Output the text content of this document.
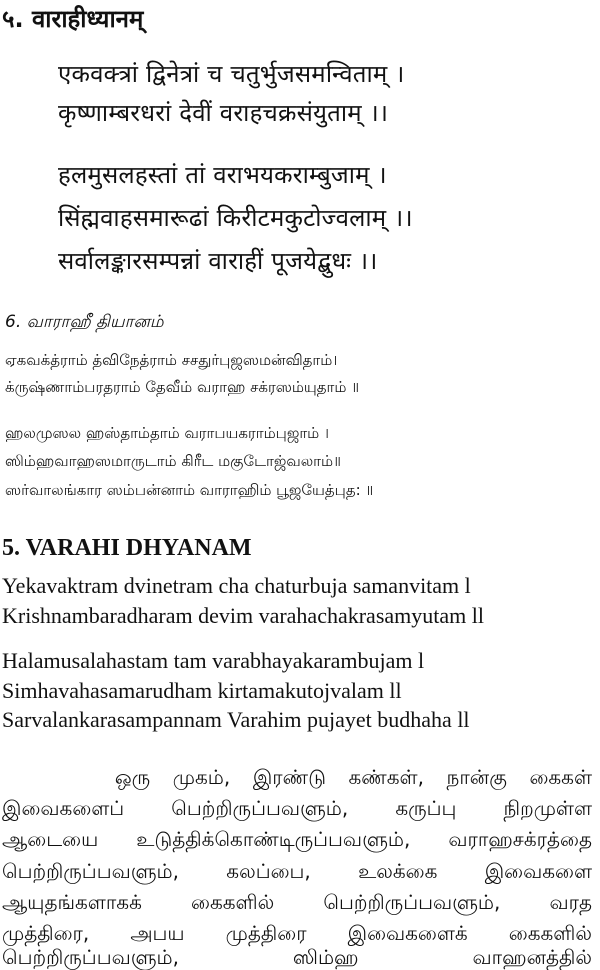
५. वाराहीध्यानम्
एकवक्त्रां द्विनेत्रां च चतुर्भुजसमन्विताम् ।
कृष्णाम्बरधरां देवीं वराहचक्रसंयुताम् ।।
हलमुसलहस्तां तां वराभयकराम्बुजाम् ।
सिंह्मवाहसमारूढां किरीटमकुटोज्वलाम् ।।
सर्वालङ्कारसम्पन्नां वाराहीं पूजयेद्बुधः ।।
6. வாராஹீ தியானம்
ஏகவக்த்ராம் த்விநேத்ராம் சசதுர்புஜஸமன்விதாம்।
க்ருஷ்ணாம்பரதராம் தேவீம் வராஹ சக்ரஸம்யுதாம் ॥
ஹலமுஸல ஹஸ்தாம்தாம் வராபயகராம்புஜாம் ।
ஸிம்ஹவாஹஸமாருடாம் கிரீட மகுடோஜ்வலாம்॥
ஸர்வாலங்கார ஸம்பன்னாம் வாராஹிம் பூஜயேத்புத: ॥
5. VARAHI DHYANAM
Yekavaktram dvinetram cha chaturbuja samanvitam l
Krishnambaradharam devim varahachakrasamyutam ll
Halamusalahastam tam varabhayakarambujam l
Simhavahasamarudham kirtamakutojvalam ll
Sarvalankarasampannam Varahim pujayet budhaha ll
ஒரு முகம், இரண்டு கண்கள், நான்கு கைகள்
இவைகளைப் பெற்றிருப்பவளும், கருப்பு நிறமுள்ள
ஆடையை உடுத்திக்கொண்டிருப்பவளும், வராஹசக்ரத்தை
பெற்றிருப்பவளும், கலப்பை, உலக்கை இவைகளை
ஆயுதங்களாகக் கைகளில் பெற்றிருப்பவளும், வரத
முத்திரை, அபய முத்திரை இவைகளைக் கைகளில்
பெற்றிருப்பவளும், ஸிம்ஹ வாஹனத்தில்
